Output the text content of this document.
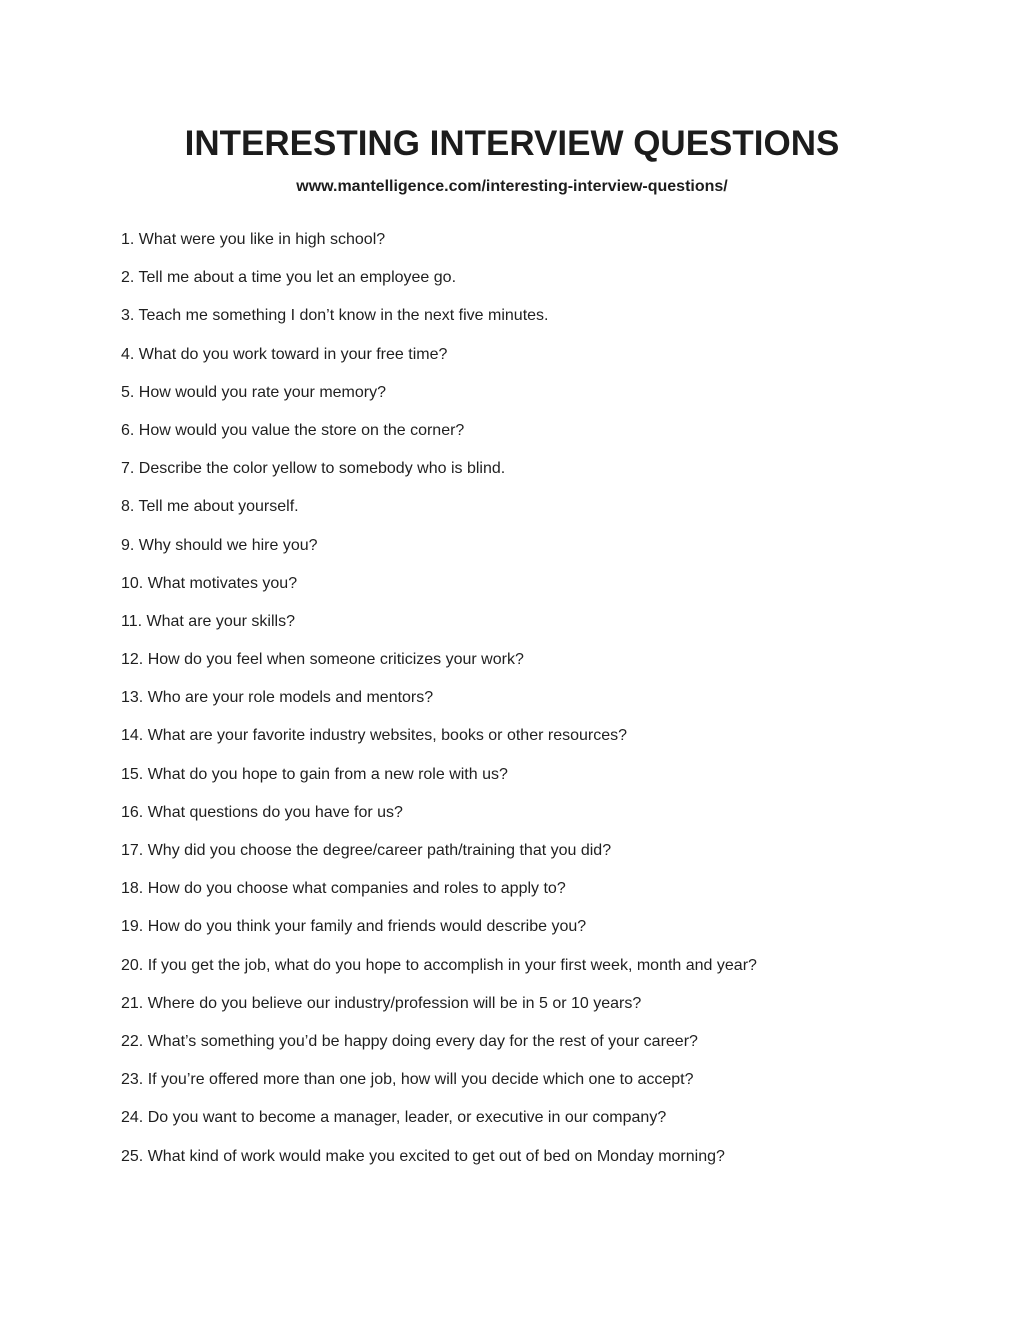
INTERESTING INTERVIEW QUESTIONS
www.mantelligence.com/interesting-interview-questions/
1. What were you like in high school?
2. Tell me about a time you let an employee go.
3. Teach me something I don’t know in the next five minutes.
4. What do you work toward in your free time?
5. How would you rate your memory?
6. How would you value the store on the corner?
7. Describe the color yellow to somebody who is blind.
8. Tell me about yourself.
9. Why should we hire you?
10. What motivates you?
11. What are your skills?
12. How do you feel when someone criticizes your work?
13. Who are your role models and mentors?
14. What are your favorite industry websites, books or other resources?
15. What do you hope to gain from a new role with us?
16. What questions do you have for us?
17. Why did you choose the degree/career path/training that you did?
18. How do you choose what companies and roles to apply to?
19. How do you think your family and friends would describe you?
20. If you get the job, what do you hope to accomplish in your first week, month and year?
21. Where do you believe our industry/profession will be in 5 or 10 years?
22. What’s something you’d be happy doing every day for the rest of your career?
23. If you’re offered more than one job, how will you decide which one to accept?
24. Do you want to become a manager, leader, or executive in our company?
25. What kind of work would make you excited to get out of bed on Monday morning?
